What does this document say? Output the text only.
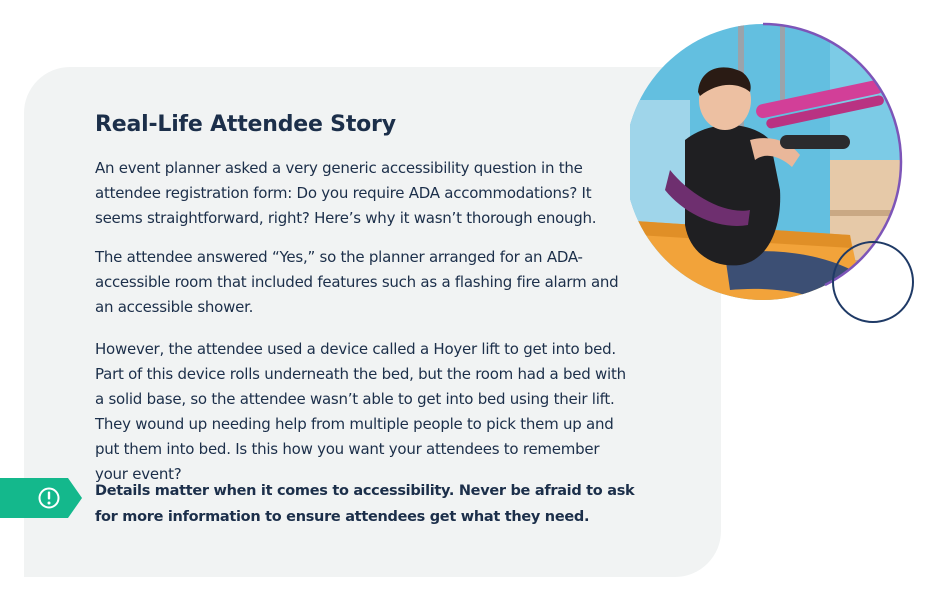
Real-Life Attendee Story

An event planner asked a very generic accessibility question in the attendee registration form: Do you require ADA accommodations? It seems straightforward, right? Here’s why it wasn’t thorough enough.

The attendee answered “Yes,” so the planner arranged for an ADA-accessible room that included features such as a flashing fire alarm and an accessible shower.

However, the attendee used a device called a Hoyer lift to get into bed. Part of this device rolls underneath the bed, but the room had a bed with a solid base, so the attendee wasn’t able to get into bed using their lift. They wound up needing help from multiple people to pick them up and put them into bed. Is this how you want your attendees to remember your event?

Details matter when it comes to accessibility. Never be afraid to ask for more information to ensure attendees get what they need.
